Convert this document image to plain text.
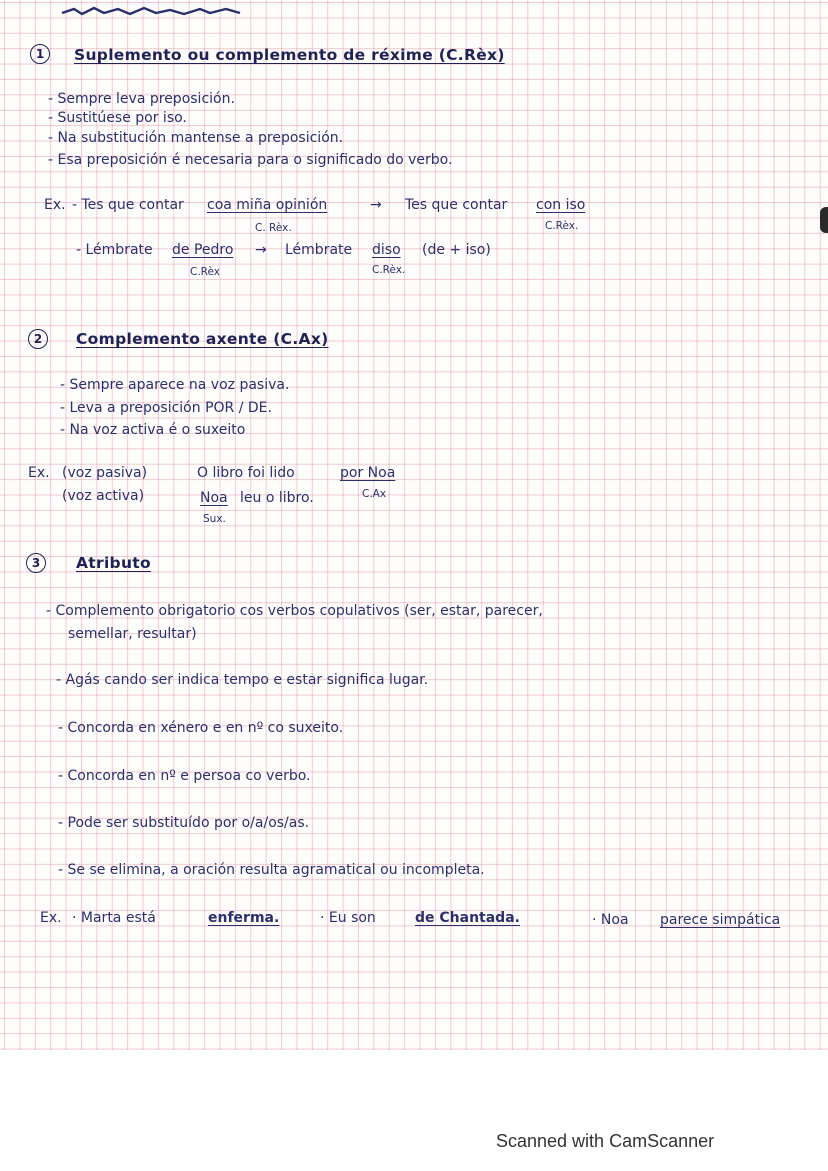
1	Suplemento ou complemento de réxime (C.Rèx)
- Sempre leva preposición.
- Sustitúese por iso.
- Na substitución mantense a preposición.
- Esa preposición é necesaria para o significado do verbo.
Ex. - Tes que contar coa miña opinión	→ Tes que contar con iso
C. Rèx.	C.Rèx.
- Lémbrate de Pedro → Lémbrate diso (de + iso)
C.Rèx	C.Rèx.
2	Complemento axente (C.Ax)
- Sempre aparece na voz pasiva.
- Leva a preposición POR / DE.
- Na voz activa é o suxeito
Ex. (voz pasiva)	O libro foi lido	por Noa
(voz activa)	Noa leu o libro.	C.Ax
Sux.
3	Atributo
- Complemento obrigatorio cos verbos copulativos (ser, estar, parecer,
semellar, resultar)
- Agás cando ser indica tempo e estar significa lugar.
- Concorda en xénero e en nº co suxeito.
- Concorda en nº e persoa co verbo.
- Pode ser substituído por o/a/os/as.
- Se se elimina, a oración resulta agramatical ou incompleta.
Ex. · Marta está	enferma.	· Eu son	de Chantada.	· Noa parece simpática
Scanned with CamScanner
